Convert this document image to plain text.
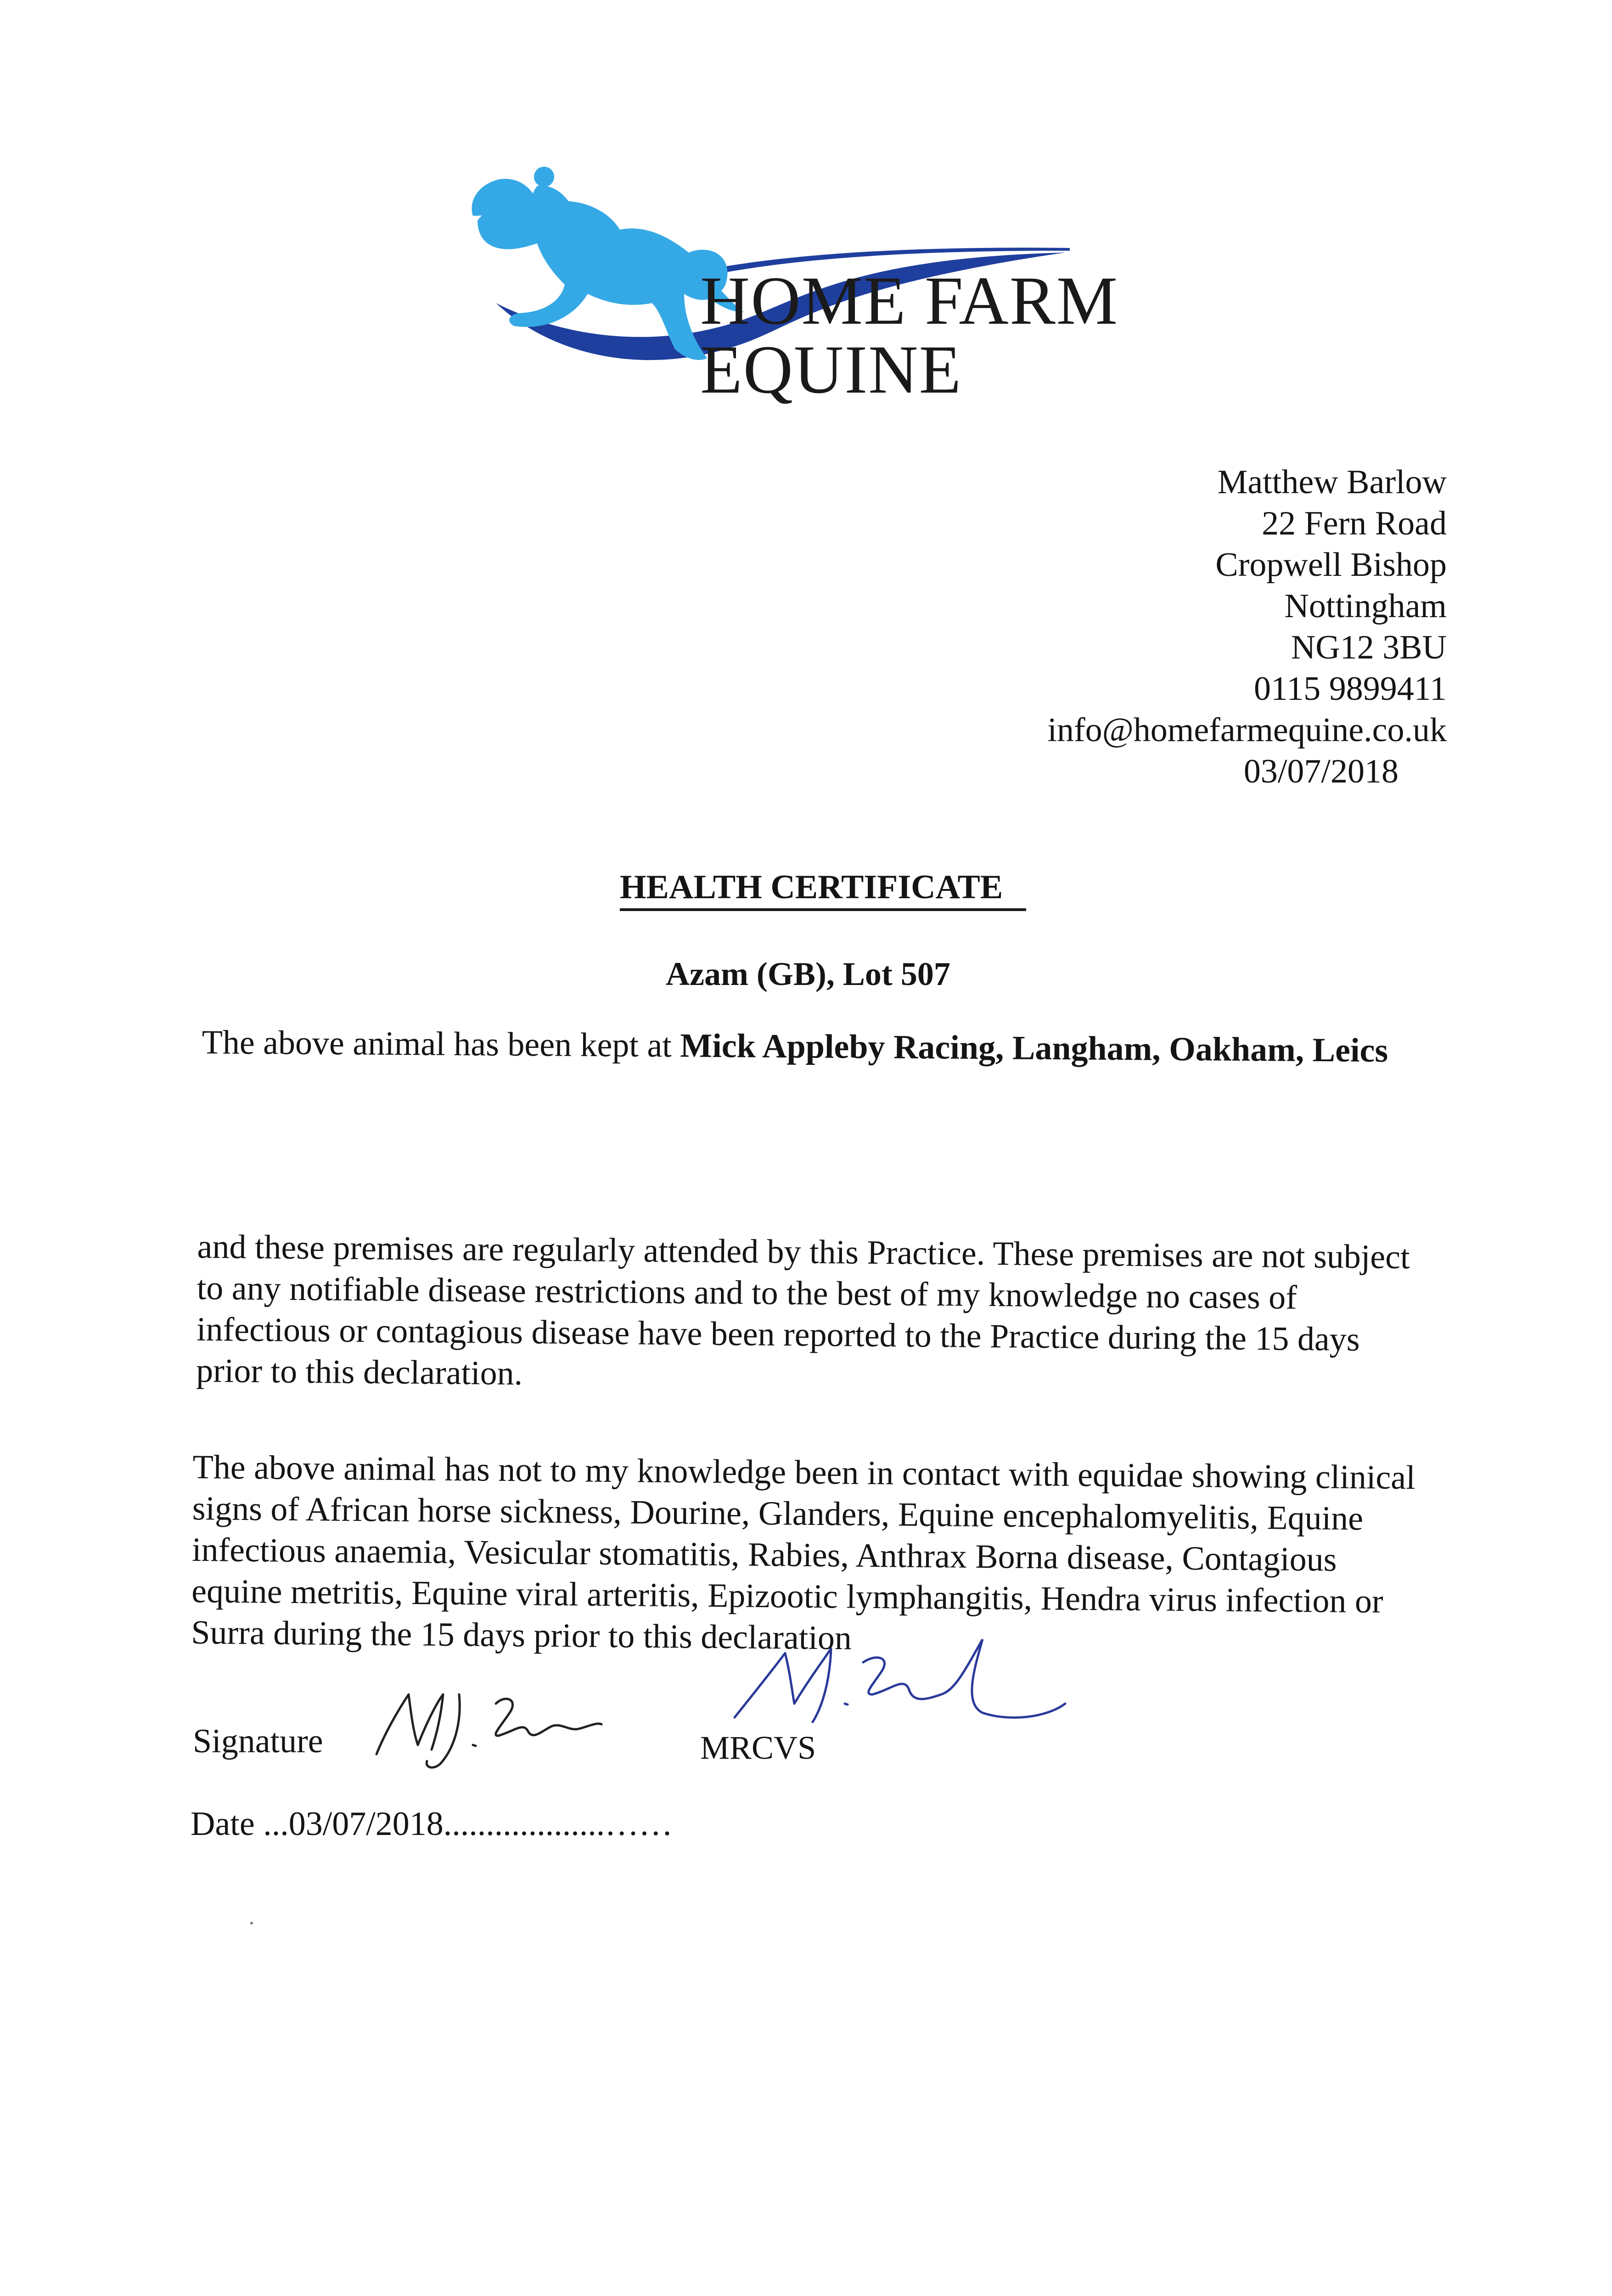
HOME FARM
EQUINE
Matthew Barlow
22 Fern Road
Cropwell Bishop
Nottingham
NG12 3BU
0115 9899411
info@homefarmequine.co.uk
03/07/2018
HEALTH CERTIFICATE
Azam (GB), Lot 507
The above animal has been kept at Mick Appleby Racing, Langham, Oakham, Leics
and these premises are regularly attended by this Practice. These premises are not subject to any notifiable disease restrictions and to the best of my knowledge no cases of infectious or contagious disease have been reported to the Practice during the 15 days prior to this declaration.
The above animal has not to my knowledge been in contact with equidae showing clinical signs of African horse sickness, Dourine, Glanders, Equine encephalomyelitis, Equine infectious anaemia, Vesicular stomatitis, Rabies, Anthrax Borna disease, Contagious equine metritis, Equine viral arteritis, Epizootic lymphangitis, Hendra virus infection or Surra during the 15 days prior to this declaration
Signature	MRCVS
Date ...03/07/2018...................……
